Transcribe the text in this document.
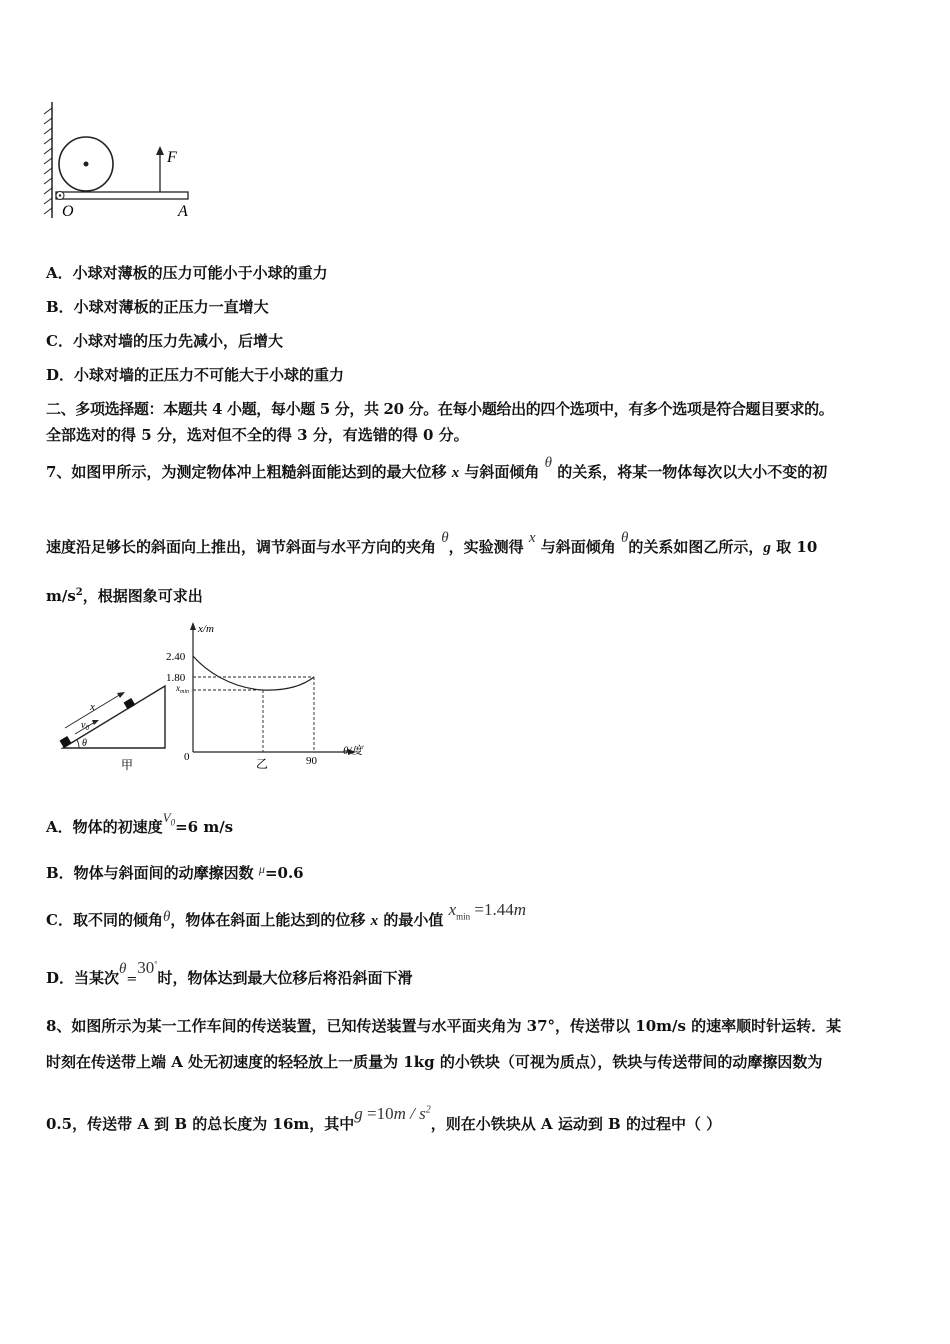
F
O	A
A．小球对薄板的压力可能小于小球的重力
B．小球对薄板的正压力一直增大
C．小球对墙的压力先减小，后增大
D．小球对墙的正压力不可能大于小球的重力
二、多项选择题：本题共 4 小题，每小题 5 分，共 20 分。在每小题给出的四个选项中，有多个选项是符合题目要求的。
全部选对的得 5 分，选对但不全的得 3 分，有选错的得 0 分。
7、如图甲所示，为测定物体冲上粗糙斜面能达到的最大位移 x 与斜面倾角 θ 的关系，将某一物体每次以大小不变的初
速度沿足够长的斜面向上推出，调节斜面与水平方向的夹角 θ，实验测得 x 与斜面倾角 θ的关系如图乙所示，g 取 10
$m/s^2$，根据图象可求出
x
$v_0$
θ
甲
x/m
2.40
1.80
$x_{min}$
0	90
θ/度
乙
A．物体的初速度$V_0=6$ m/s
B．物体与斜面间的动摩擦因数 $^\mu$=0.6
C．取不同的倾角θ，物体在斜面上能达到的位移 x 的最小值 $x_{min} =1.44m$
D．当某次θ=30°时，物体达到最大位移后将沿斜面下滑
8、如图所示为某一工作车间的传送装置，已知传送装置与水平面夹角为 37°，传送带以 10m/s 的速率顺时针运转．某
时刻在传送带上端 A 处无初速度的轻轻放上一质量为 1kg 的小铁块（可视为质点），铁块与传送带间的动摩擦因数为
0.5，传送带 A 到 B 的总长度为 16m，其中$g =10m / s^2$，则在小铁块从 A 运动到 B 的过程中（ ）
